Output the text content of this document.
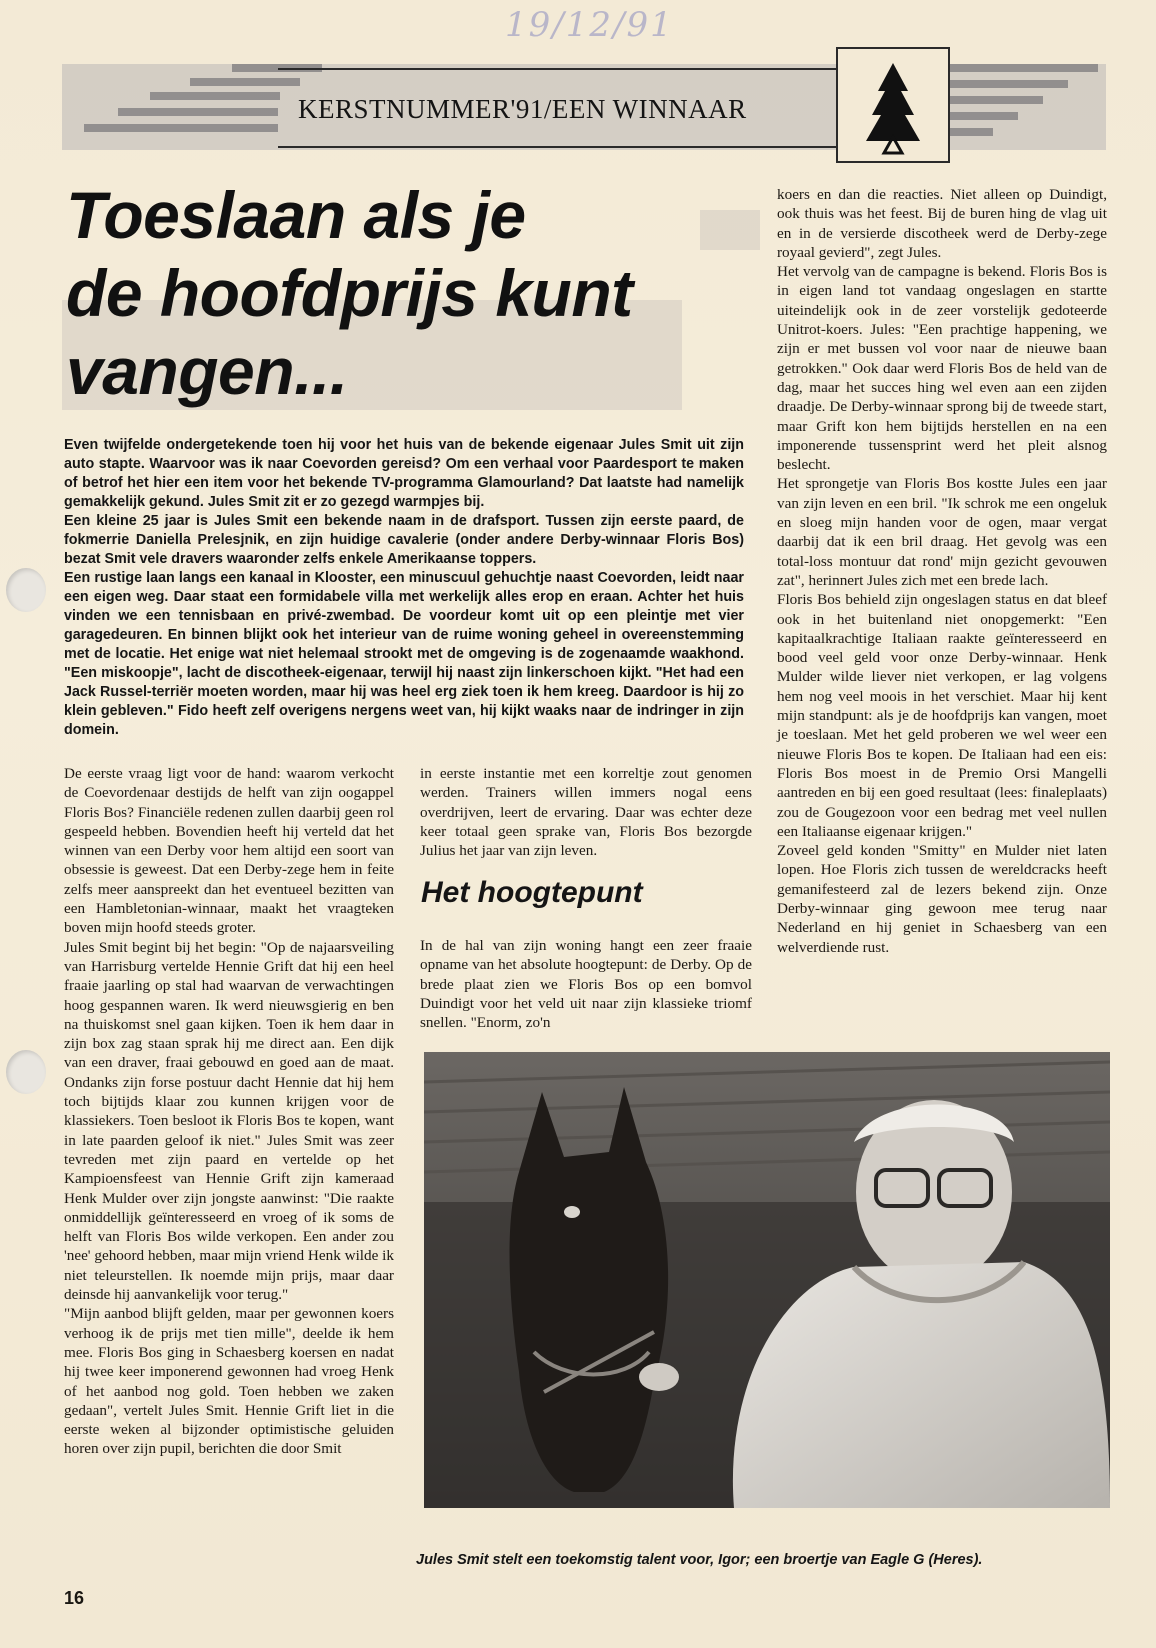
19/12/91
KERSTNUMMER'91/EEN WINNAAR
Toeslaan als je
de hoofdprijs kunt
vangen...

Even twijfelde ondergetekende toen hij voor het huis van de bekende eigenaar Jules Smit uit zijn auto stapte. Waarvoor was ik naar Coevorden gereisd? Om een verhaal voor Paardesport te maken of betrof het hier een item voor het bekende TV-programma Glamourland? Dat laatste had namelijk gemakkelijk gekund. Jules Smit zit er zo gezegd warmpjes bij.

Een kleine 25 jaar is Jules Smit een bekende naam in de drafsport. Tussen zijn eerste paard, de fokmerrie Daniella Prelesjnik, en zijn huidige cavalerie (onder andere Derby-winnaar Floris Bos) bezat Smit vele dravers waaronder zelfs enkele Amerikaanse toppers.

Een rustige laan langs een kanaal in Klooster, een minuscuul gehuchtje naast Coevorden, leidt naar een eigen weg. Daar staat een formidabele villa met werkelijk alles erop en eraan. Achter het huis vinden we een tennisbaan en privé-zwembad. De voordeur komt uit op een pleintje met vier garagedeuren. En binnen blijkt ook het interieur van de ruime woning geheel in overeenstemming met de locatie. Het enige wat niet helemaal strookt met de omgeving is de zogenaamde waakhond. "Een miskoopje", lacht de discotheek-eigenaar, terwijl hij naast zijn linkerschoen kijkt. "Het had een Jack Russel-terriër moeten worden, maar hij was heel erg ziek toen ik hem kreeg. Daardoor is hij zo klein gebleven." Fido heeft zelf overigens nergens weet van, hij kijkt waaks naar de indringer in zijn domein.

De eerste vraag ligt voor de hand: waarom verkocht de Coevordenaar destijds de helft van zijn oogappel Floris Bos? Financiële redenen zullen daarbij geen rol gespeeld hebben. Bovendien heeft hij verteld dat het winnen van een Derby voor hem altijd een soort van obsessie is geweest. Dat een Derby-zege hem in feite zelfs meer aanspreekt dan het eventueel bezitten van een Hambletonian-winnaar, maakt het vraagteken boven mijn hoofd steeds groter.

Jules Smit begint bij het begin: "Op de najaarsveiling van Harrisburg vertelde Hennie Grift dat hij een heel fraaie jaarling op stal had waarvan de verwachtingen hoog gespannen waren. Ik werd nieuwsgierig en ben na thuiskomst snel gaan kijken. Toen ik hem daar in zijn box zag staan sprak hij me direct aan. Een dijk van een draver, fraai gebouwd en goed aan de maat. Ondanks zijn forse postuur dacht Hennie dat hij hem toch bijtijds klaar zou kunnen krijgen voor de klassiekers. Toen besloot ik Floris Bos te kopen, want in late paarden geloof ik niet." Jules Smit was zeer tevreden met zijn paard en vertelde op het Kampioensfeest van Hennie Grift zijn kameraad Henk Mulder over zijn jongste aanwinst: "Die raakte onmiddellijk geïnteresseerd en vroeg of ik soms de helft van Floris Bos wilde verkopen. Een ander zou 'nee' gehoord hebben, maar mijn vriend Henk wilde ik niet teleurstellen. Ik noemde mijn prijs, maar daar deinsde hij aanvankelijk voor terug."

"Mijn aanbod blijft gelden, maar per gewonnen koers verhoog ik de prijs met tien mille", deelde ik hem mee. Floris Bos ging in Schaesberg koersen en nadat hij twee keer imponerend gewonnen had vroeg Henk of het aanbod nog gold. Toen hebben we zaken gedaan", vertelt Jules Smit. Hennie Grift liet in die eerste weken al bijzonder optimistische geluiden horen over zijn pupil, berichten die door Smit

in eerste instantie met een korreltje zout genomen werden. Trainers willen immers nogal eens overdrijven, leert de ervaring. Daar was echter deze keer totaal geen sprake van, Floris Bos bezorgde Julius het jaar van zijn leven.

Het hoogtepunt

In de hal van zijn woning hangt een zeer fraaie opname van het absolute hoogtepunt: de Derby. Op de brede plaat zien we Floris Bos op een bomvol Duindigt voor het veld uit naar zijn klassieke triomf snellen. "Enorm, zo'n

koers en dan die reacties. Niet alleen op Duindigt, ook thuis was het feest. Bij de buren hing de vlag uit en in de versierde discotheek werd de Derby-zege royaal gevierd", zegt Jules.

Het vervolg van de campagne is bekend. Floris Bos is in eigen land tot vandaag ongeslagen en startte uiteindelijk ook in de zeer vorstelijk gedoteerde Unitrot-koers. Jules: "Een prachtige happening, we zijn er met bussen vol voor naar de nieuwe baan getrokken." Ook daar werd Floris Bos de held van de dag, maar het succes hing wel even aan een zijden draadje. De Derby-winnaar sprong bij de tweede start, maar Grift kon hem bijtijds herstellen en na een imponerende tussensprint werd het pleit alsnog beslecht.

Het sprongetje van Floris Bos kostte Jules een jaar van zijn leven en een bril. "Ik schrok me een ongeluk en sloeg mijn handen voor de ogen, maar vergat daarbij dat ik een bril draag. Het gevolg was een total-loss montuur dat rond' mijn gezicht gevouwen zat", herinnert Jules zich met een brede lach.

Floris Bos behield zijn ongeslagen status en dat bleef ook in het buitenland niet onopgemerkt: "Een kapitaalkrachtige Italiaan raakte geïnteresseerd en bood veel geld voor onze Derby-winnaar. Henk Mulder wilde liever niet verkopen, er lag volgens hem nog veel moois in het verschiet. Maar hij kent mijn standpunt: als je de hoofdprijs kan vangen, moet je toeslaan. Met het geld proberen we wel weer een nieuwe Floris Bos te kopen. De Italiaan had een eis: Floris Bos moest in de Premio Orsi Mangelli aantreden en bij een goed resultaat (lees: finaleplaats) zou de Gougezoon voor een bedrag met veel nullen een Italiaanse eigenaar krijgen."

Zoveel geld konden "Smitty" en Mulder niet laten lopen. Hoe Floris zich tussen de wereldcracks heeft gemanifesteerd zal de lezers bekend zijn. Onze Derby-winnaar ging gewoon mee terug naar Nederland en hij geniet in Schaesberg van een welverdiende rust.

Jules Smit stelt een toekomstig talent voor, Igor; een broertje van Eagle G (Heres).
16
